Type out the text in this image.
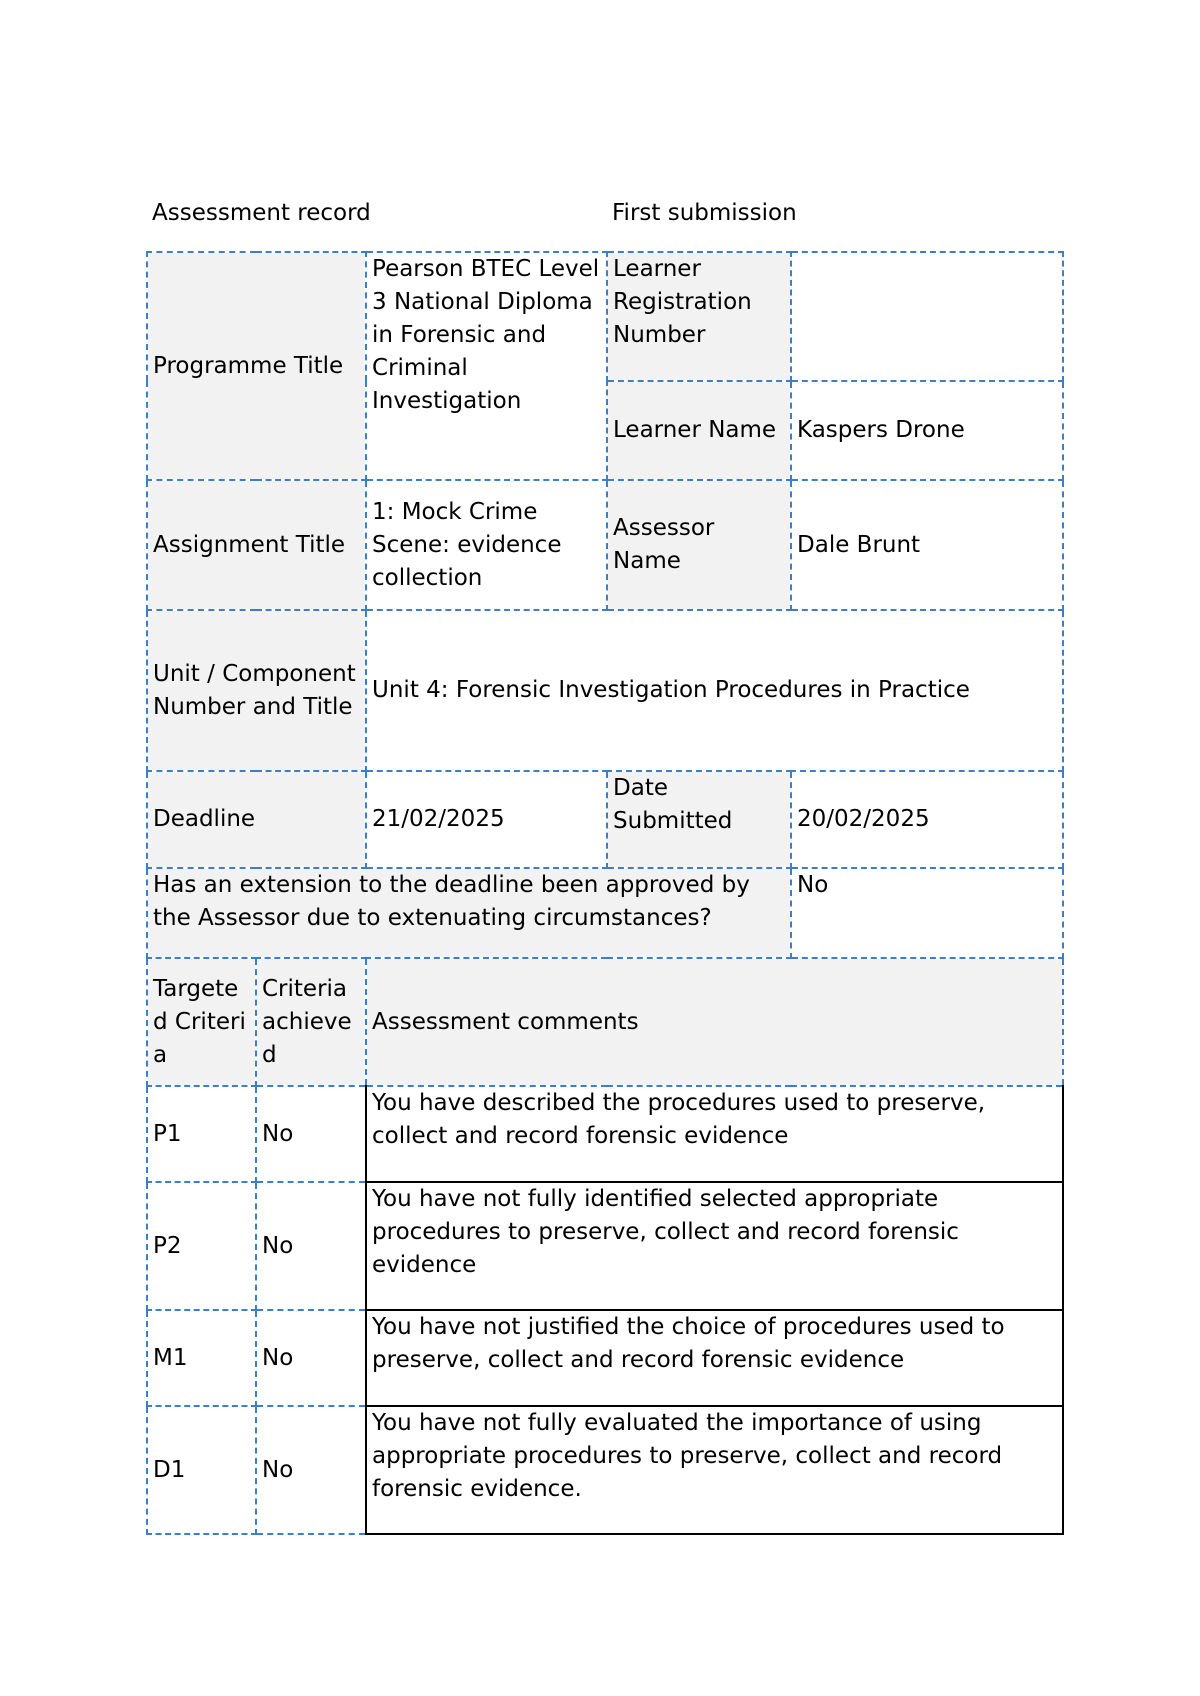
Assessment record	First submission
Programme Title		Pearson BTEC Level 3 National Diploma in Forensic and Criminal Investigation	Learner Registration Number	
			Learner Name	Kaspers Drone
Assignment Title		1: Mock Crime Scene: evidence collection	Assessor Name	Dale Brunt
Unit / Component Number and Title		Unit 4: Forensic Investigation Procedures in Practice		
Deadline		21/02/2025	Date Submitted	20/02/2025
Has an extension to the deadline been approved by the Assessor due to extenuating circumstances?				No
Targeted Criteria	Criteria achieved	Assessment comments		
P1	No	You have described the procedures used to preserve, collect and record forensic evidence		
P2	No	You have not fully identified selected appropriate procedures to preserve, collect and record forensic evidence		
M1	No	You have not justified the choice of procedures used to preserve, collect and record forensic evidence		
D1	No	You have not fully evaluated the importance of using appropriate procedures to preserve, collect and record forensic evidence.		
